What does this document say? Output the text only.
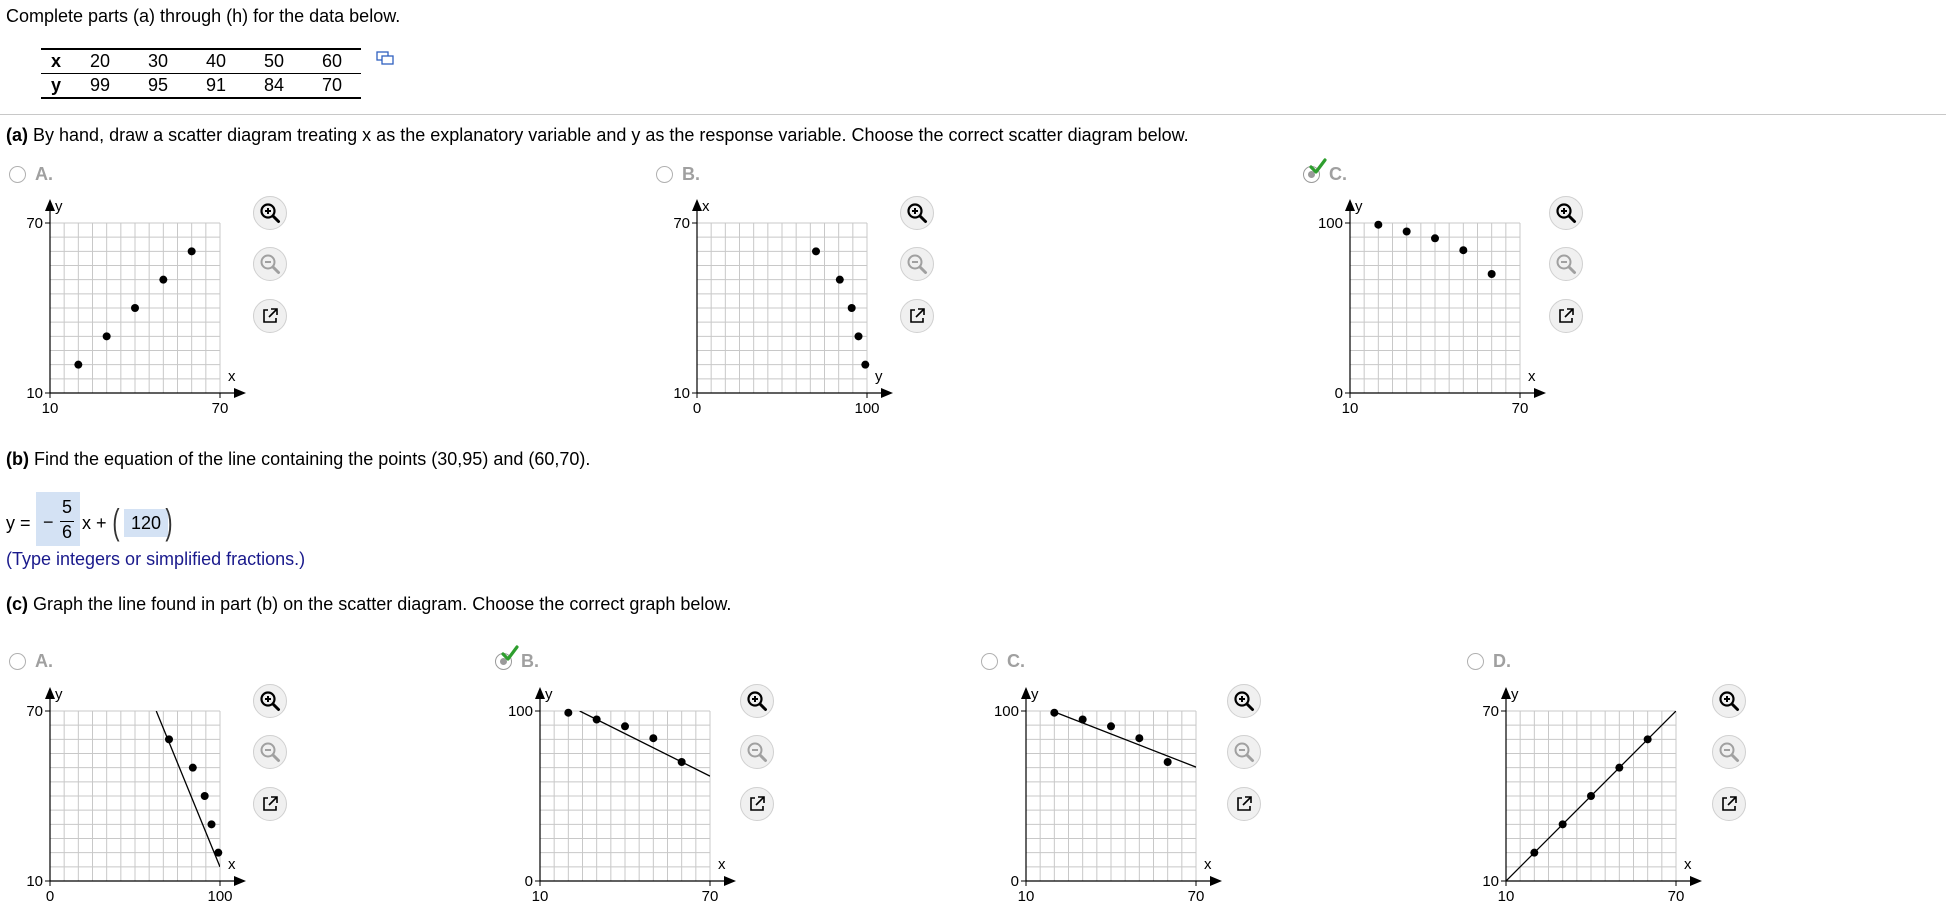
Complete parts (a) through (h) for the data below.
x	20	30	40	50	60
y	99	95	91	84	70
(a) By hand, draw a scatter diagram treating x as the explanatory variable and y as the response variable. Choose the correct scatter diagram below.
A.
70
10
10	70
y
x
B.
70
10
0	100
x
y
C.
100
0
10	70
y
x
(b) Find the equation of the line containing the points (30,95) and (60,70).
y = −
5
6 x + ( 120 )
(Type integers or simplified fractions.)
(c) Graph the line found in part (b) on the scatter diagram. Choose the correct graph below.
A.
70
10
0	100
y
x
B.
100
0
10	70
y
x
C.
100
0
10	70
y
x
D.
70
10
10	70
y
x
